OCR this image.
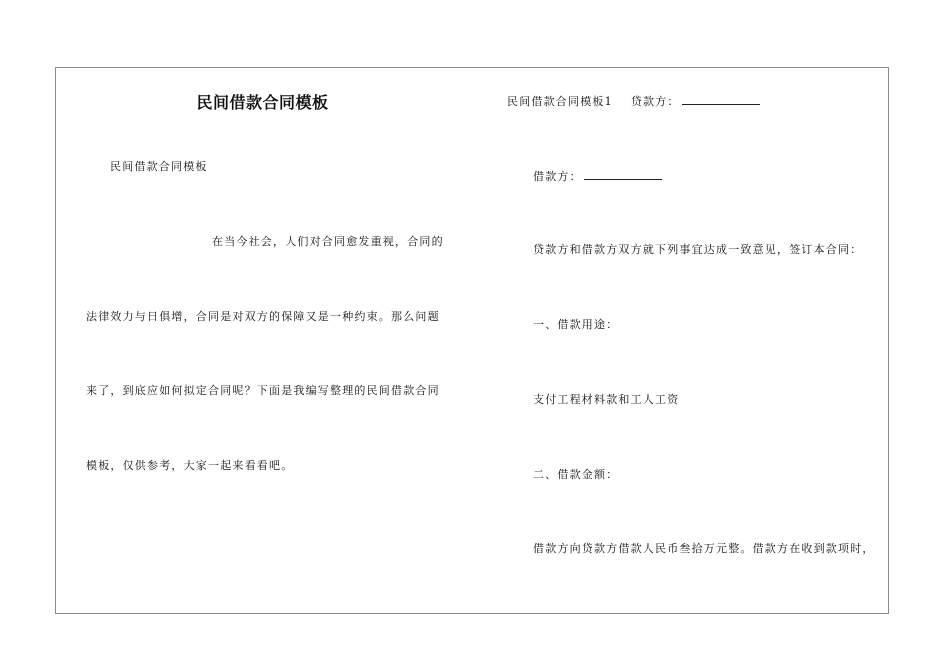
民间借款合同模板
民间借款合同模板
在当今社会，人们对合同愈发重视，合同的
法律效力与日俱增，合同是对双方的保障又是一种约束。那么问题
来了，到底应如何拟定合同呢？下面是我编写整理的民间借款合同
模板，仅供参考，大家一起来看看吧。
民间借款合同模板1 贷款方：
借款方：
贷款方和借款方双方就下列事宜达成一致意见，签订本合同：
一、借款用途：
支付工程材料款和工人工资
二、借款金额：
借款方向贷款方借款人民币叁拾万元整。借款方在收到款项时，
